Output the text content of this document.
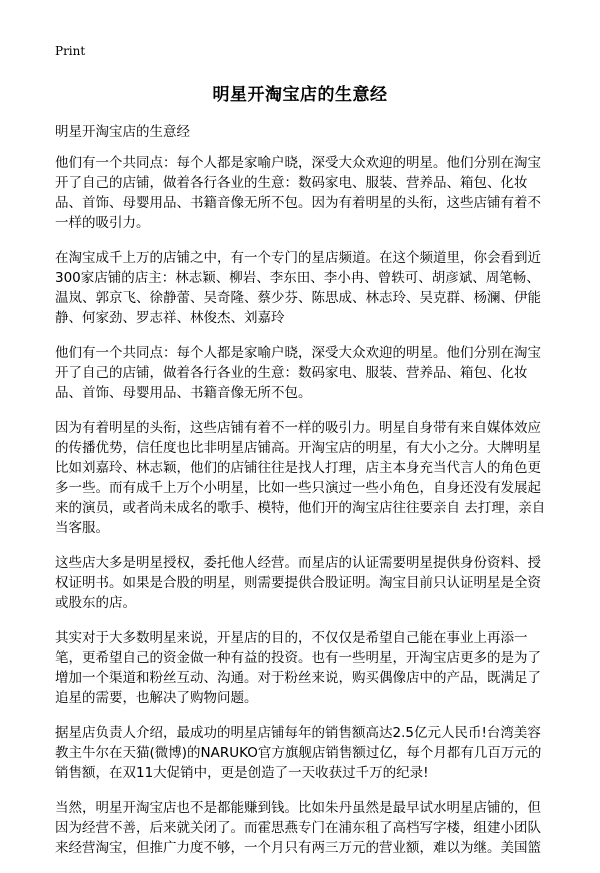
Print
明星开淘宝店的生意经
明星开淘宝店的生意经

他们有一个共同点：每个人都是家喻户晓，深受大众欢迎的明星。他们分别在淘宝开了自己的店铺，做着各行各业的生意：数码家电、服装、营养品、箱包、化妆品、首饰、母婴用品、书籍音像无所不包。因为有着明星的头衔，这些店铺有着不一样的吸引力。

在淘宝成千上万的店铺之中，有一个专门的星店频道。在这个频道里，你会看到近300家店铺的店主：林志颖、柳岩、李东田、李小冉、曾轶可、胡彦斌、周笔畅、温岚、郭京飞、徐静蕾、吴奇隆、蔡少芬、陈思成、林志玲、吴克群、杨澜、伊能静、何家劲、罗志祥、林俊杰、刘嘉玲

他们有一个共同点：每个人都是家喻户晓，深受大众欢迎的明星。他们分别在淘宝开了自己的店铺，做着各行各业的生意：数码家电、服装、营养品、箱包、化妆品、首饰、母婴用品、书籍音像无所不包。

因为有着明星的头衔，这些店铺有着不一样的吸引力。明星自身带有来自媒体效应的传播优势，信任度也比非明星店铺高。开淘宝店的明星，有大小之分。大牌明星比如刘嘉玲、林志颖，他们的店铺往往是找人打理，店主本身充当代言人的角色更多一些。而有成千上万个小明星，比如一些只演过一些小角色，自身还没有发展起来的演员，或者尚未成名的歌手、模特，他们开的淘宝店往往要亲自 去打理，亲自当客服。

这些店大多是明星授权，委托他人经营。而星店的认证需要明星提供身份资料、授权证明书。如果是合股的明星，则需要提供合股证明。淘宝目前只认证明星是全资或股东的店。

其实对于大多数明星来说，开星店的目的，不仅仅是希望自己能在事业上再添一笔，更希望自己的资金做一种有益的投资。也有一些明星，开淘宝店更多的是为了增加一个渠道和粉丝互动、沟通。对于粉丝来说，购买偶像店中的产品，既满足了追星的需要，也解决了购物问题。

据星店负责人介绍，最成功的明星店铺每年的销售额高达2.5亿元人民币!台湾美容教主牛尔在天猫(微博)的NARUKO官方旗舰店销售额过亿，每个月都有几百万元的销售额，在双11大促销中，更是创造了一天收获过千万的纪录!

当然，明星开淘宝店也不是都能赚到钱。比如朱丹虽然是最早试水明星店铺的，但因为经营不善，后来就关闭了。而霍思燕专门在浦东租了高档写字楼，组建小团队来经营淘宝，但推广力度不够，一个月只有两三万元的营业额，难以为继。美国篮
